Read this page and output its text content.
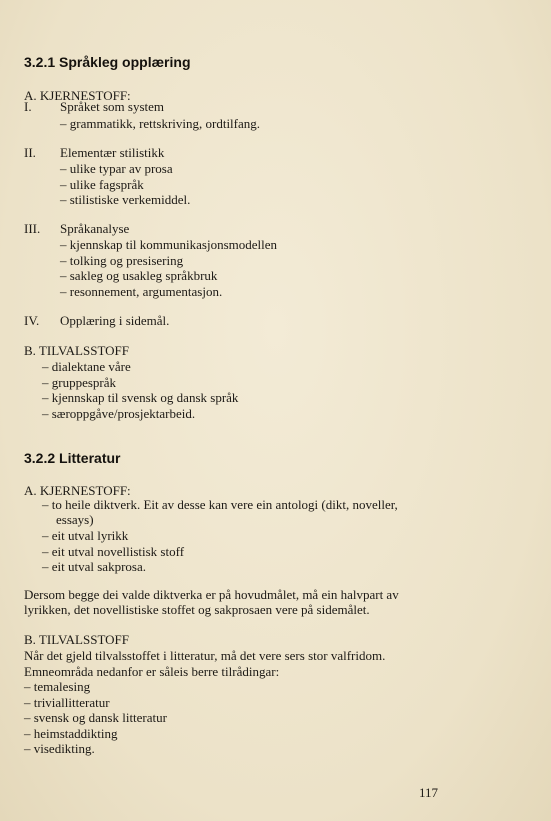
3.2.1 Språkleg opplæring
A. KJERNESTOFF:
I. Språket som system
– grammatikk, rettskriving, ordtilfang.
II. Elementær stilistikk
– ulike typar av prosa
– ulike fagspråk
– stilistiske verkemiddel.
III. Språkanalyse
– kjennskap til kommunikasjonsmodellen
– tolking og presisering
– sakleg og usakleg språkbruk
– resonnement, argumentasjon.
IV. Opplæring i sidemål.
B. TILVALSSTOFF
– dialektane våre
– gruppespråk
– kjennskap til svensk og dansk språk
– særoppgåve/prosjektarbeid.
3.2.2 Litteratur
A. KJERNESTOFF:
– to heile diktverk. Eit av desse kan vere ein antologi (dikt, noveller,
essays)
– eit utval lyrikk
– eit utval novellistisk stoff
– eit utval sakprosa.
Dersom begge dei valde diktverka er på hovudmålet, må ein halvpart av
lyrikken, det novellistiske stoffet og sakprosaen vere på sidemålet.
B. TILVALSSTOFF
Når det gjeld tilvalsstoffet i litteratur, må det vere sers stor valfridom.
Emneområda nedanfor er såleis berre tilrådingar:
– temalesing
– triviallitteratur
– svensk og dansk litteratur
– heimstaddikting
– visedikting.
117
